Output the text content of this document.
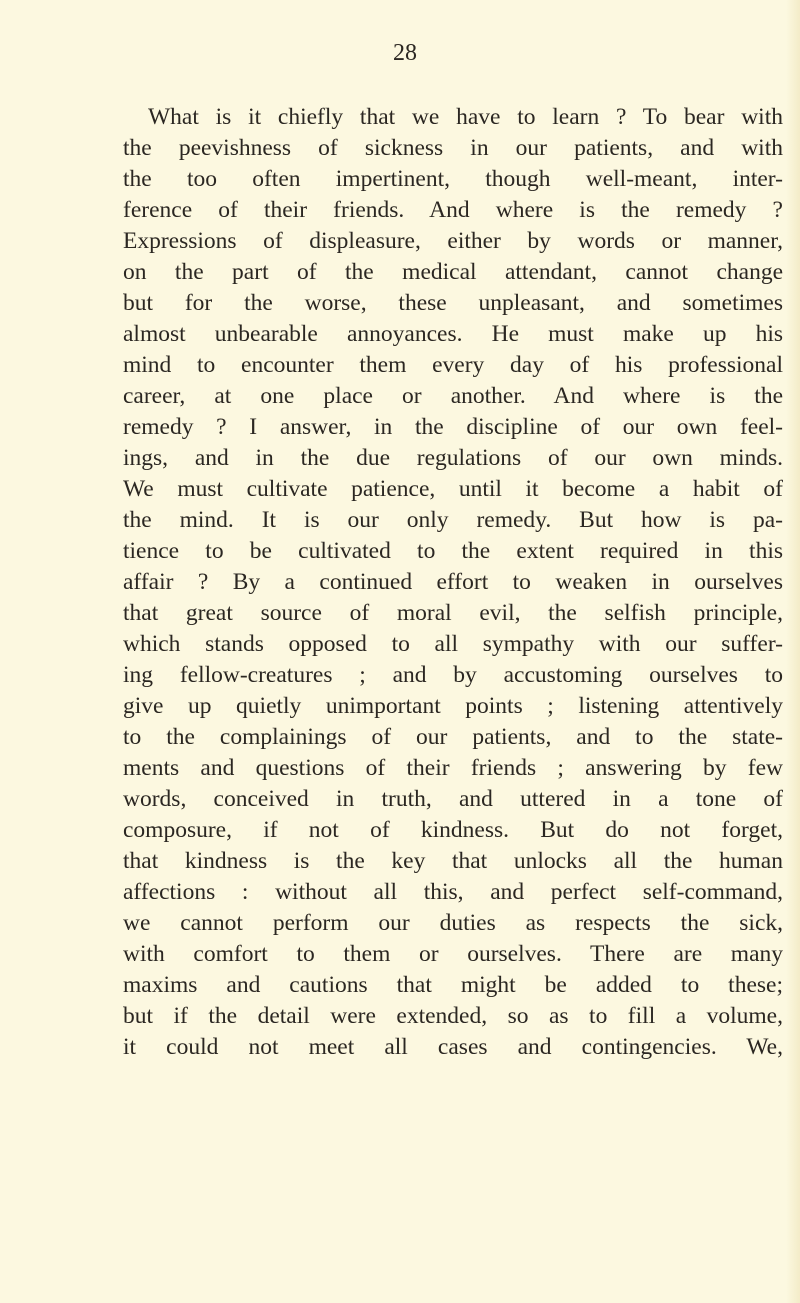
28
What is it chiefly that we have to learn ? To bear with
the peevishness of sickness in our patients, and with
the too often impertinent, though well-meant, inter-
ference of their friends. And where is the remedy ?
Expressions of displeasure, either by words or manner,
on the part of the medical attendant, cannot change
but for the worse, these unpleasant, and sometimes
almost unbearable annoyances. He must make up his
mind to encounter them every day of his professional
career, at one place or another. And where is the
remedy ? I answer, in the discipline of our own feel-
ings, and in the due regulations of our own minds.
We must cultivate patience, until it become a habit of
the mind. It is our only remedy. But how is pa-
tience to be cultivated to the extent required in this
affair ? By a continued effort to weaken in ourselves
that great source of moral evil, the selfish principle,
which stands opposed to all sympathy with our suffer-
ing fellow-creatures ; and by accustoming ourselves to
give up quietly unimportant points ; listening attentively
to the complainings of our patients, and to the state-
ments and questions of their friends ; answering by few
words, conceived in truth, and uttered in a tone of
composure, if not of kindness. But do not forget,
that kindness is the key that unlocks all the human
affections : without all this, and perfect self-command,
we cannot perform our duties as respects the sick,
with comfort to them or ourselves. There are many
maxims and cautions that might be added to these;
but if the detail were extended, so as to fill a volume,
it could not meet all cases and contingencies. We,
